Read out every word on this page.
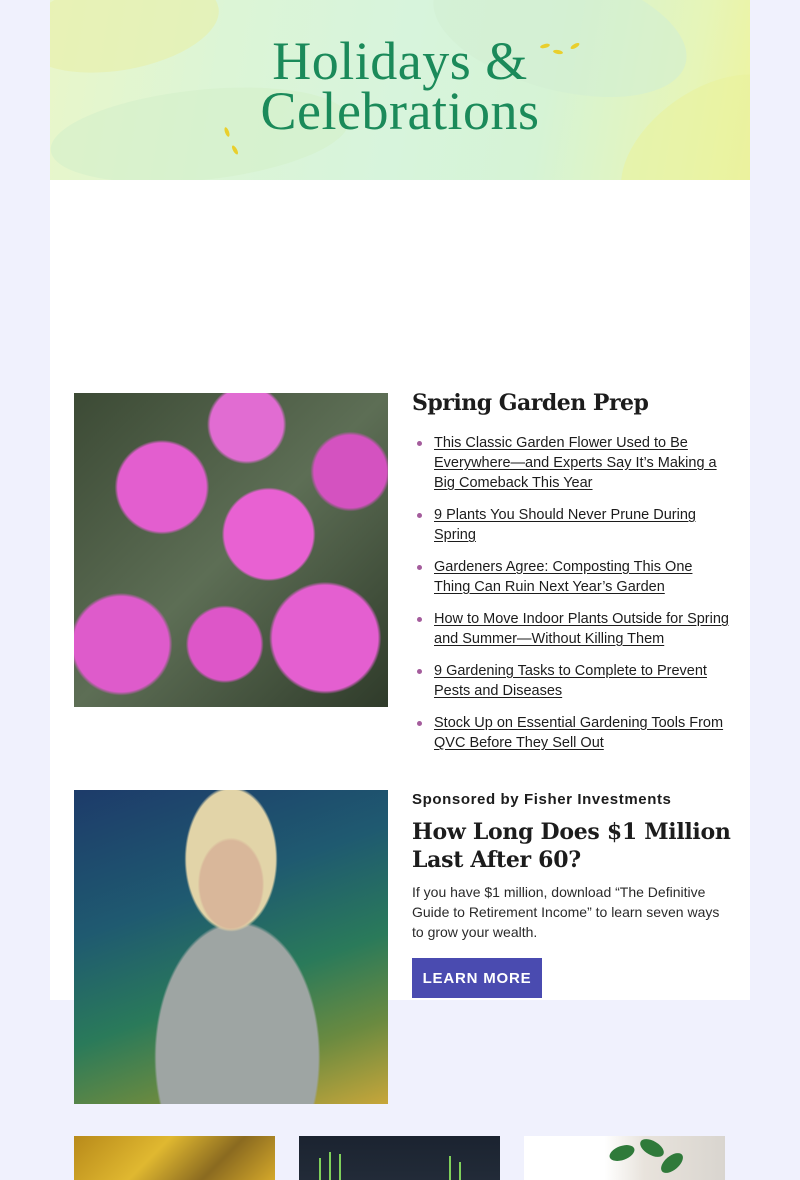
Holidays &
Celebrations
Spring Garden Prep
This Classic Garden Flower Used to Be Everywhere—and Experts Say It’s Making a Big Comeback This Year
9 Plants You Should Never Prune During Spring
Gardeners Agree: Composting This One Thing Can Ruin Next Year’s Garden
How to Move Indoor Plants Outside for Spring and Summer—Without Killing Them
9 Gardening Tasks to Complete to Prevent Pests and Diseases
Stock Up on Essential Gardening Tools From QVC Before They Sell Out
Sponsored by Fisher Investments
How Long Does $1 Million Last After 60?
If you have $1 million, download “The Definitive Guide to Retirement Income” to learn seven ways to grow your wealth.
LEARN MORE
